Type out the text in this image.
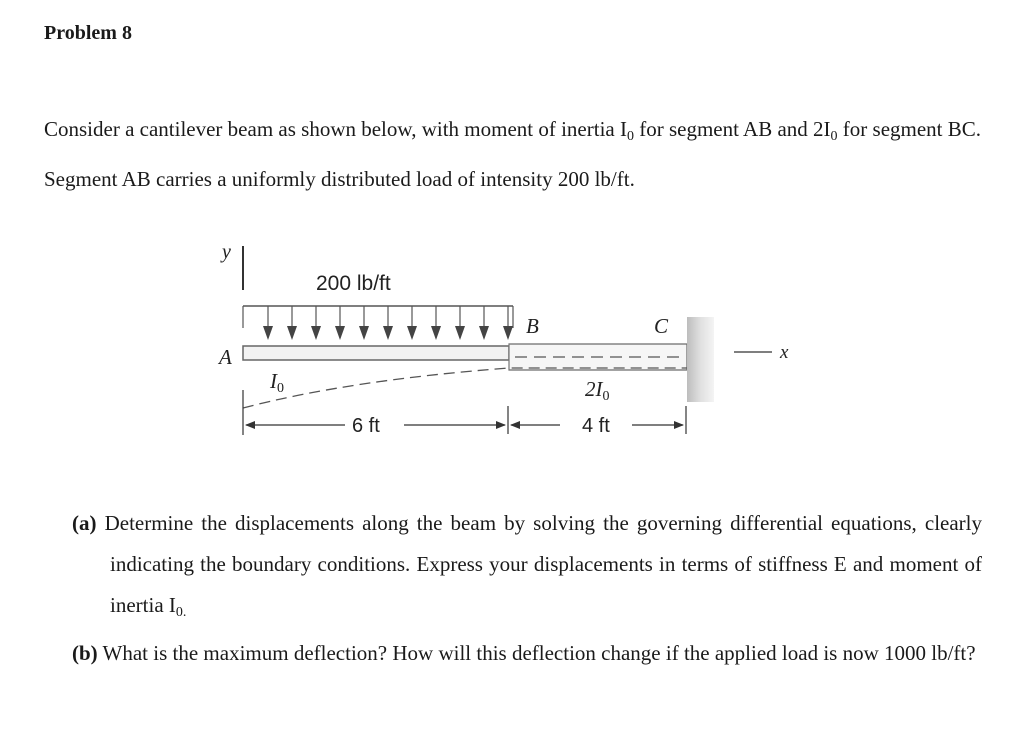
Problem 8
Consider a cantilever beam as shown below, with moment of inertia $I_0$ for segment AB and $2I_0$ for segment BC. Segment AB carries a uniformly distributed load of intensity 200 lb/ft.
y
200 lb/ft
A
B	C
x
I0	2I0
6 ft	4 ft
(a) Determine the displacements along the beam by solving the governing differential equations, clearly indicating the boundary conditions. Express your displacements in terms of stiffness E and moment of inertia $I_{0.}$
(b) What is the maximum deflection? How will this deflection change if the applied load is now 1000 lb/ft?
